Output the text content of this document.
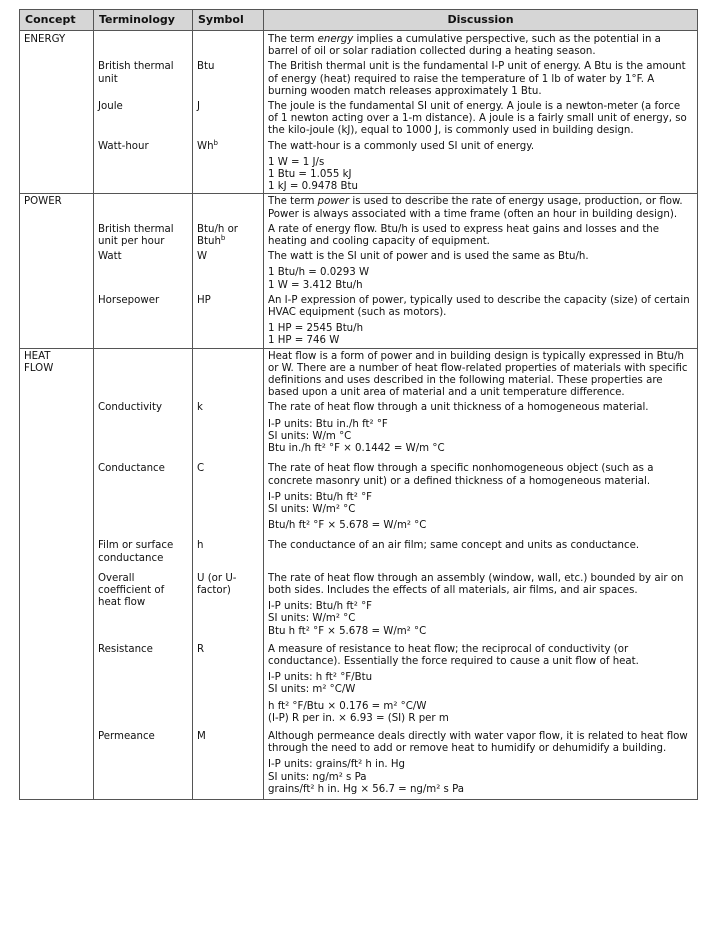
Concept	Terminology	Symbol	Discussion
ENERGY			The term energy implies a cumulative perspective, such as the potential in a barrel of oil or solar radiation collected during a heating season.

	British thermal unit	Btu	The British thermal unit is the fundamental I-P unit of energy. A Btu is the amount of energy (heat) required to raise the temperature of 1 lb of water by 1°F. A burning wooden match releases approximately 1 Btu.

	Joule	J	The joule is the fundamental SI unit of energy. A joule is a newton-meter (a force of 1 newton acting over a 1-m distance). A joule is a fairly small unit of energy, so the kilo-joule (kJ), equal to 1000 J, is commonly used in building design.

	Watt-hour	Wh$^b$	The watt-hour is a commonly used SI unit of energy.
1 W = 1 J/s
1 Btu = 1.055 kJ
1 kJ = 0.9478 Btu

POWER			The term power is used to describe the rate of energy usage, production, or flow. Power is always associated with a time frame (often an hour in building design).

	British thermal unit per hour	Btu/h or Btuh$^b$	A rate of energy flow. Btu/h is used to express heat gains and losses and the heating and cooling capacity of equipment.

	Watt	W	The watt is the SI unit of power and is used the same as Btu/h.
1 Btu/h = 0.0293 W
1 W = 3.412 Btu/h

	Horsepower	HP	An I-P expression of power, typically used to describe the capacity (size) of certain HVAC equipment (such as motors).
1 HP = 2545 Btu/h
1 HP = 746 W

HEAT FLOW			Heat flow is a form of power and in building design is typically expressed in Btu/h or W. There are a number of heat flow-related properties of materials with specific definitions and uses described in the following material. These properties are based upon a unit area of material and a unit temperature difference.

	Conductivity	k	The rate of heat flow through a unit thickness of a homogeneous material.
I-P units: Btu in./h ft² °F
SI units: W/m °C
Btu in./h ft² °F × 0.1442 = W/m °C

	Conductance	C	The rate of heat flow through a specific nonhomogeneous object (such as a concrete masonry unit) or a defined thickness of a homogeneous material.
I-P units: Btu/h ft² °F
SI units: W/m² °C
Btu/h ft² °F × 5.678 = W/m² °C

	Film or surface conductance	h	The conductance of an air film; same concept and units as conductance.

	Overall coefficient of heat flow	U (or U-factor)	The rate of heat flow through an assembly (window, wall, etc.) bounded by air on both sides. Includes the effects of all materials, air films, and air spaces.
I-P units: Btu/h ft² °F
SI units: W/m² °C
Btu h ft² °F × 5.678 = W/m² °C

	Resistance	R	A measure of resistance to heat flow; the reciprocal of conductivity (or conductance). Essentially the force required to cause a unit flow of heat.
I-P units: h ft² °F/Btu
SI units: m² °C/W
h ft² °F/Btu × 0.176 = m² °C/W
(I-P) R per in. × 6.93 = (SI) R per m

	Permeance	M	Although permeance deals directly with water vapor flow, it is related to heat flow through the need to add or remove heat to humidify or dehumidify a building.
I-P units: grains/ft² h in. Hg
SI units: ng/m² s Pa
grains/ft² h in. Hg × 56.7 = ng/m² s Pa
